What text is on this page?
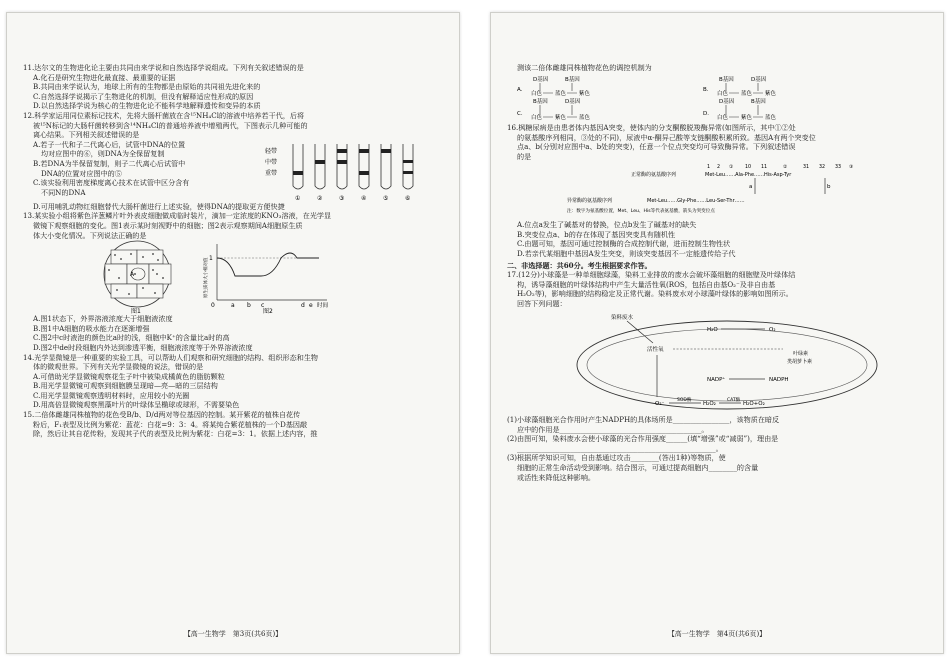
11.达尔文的生物进化论主要由共同由来学说和自然选择学说组成。下列有关叙述错误的是

A.化石是研究生物进化最直接、最重要的证据

B.共同由来学说认为，地球上所有的生物都是由原始的共同祖先进化来的

C.自然选择学说揭示了生物进化的机制，但没有解释适应性形成的原因

D.以自然选择学说为核心的生物进化论不能科学地解释遗传和变异的本质

12.科学家运用同位素标记技术，先将大肠杆菌放在含¹⁵NH₄Cl的溶液中培养若干代，后将

被¹⁵N标记的大肠杆菌转移到含¹⁴NH₄Cl的普通培养液中增殖两代，下图表示几种可能的

离心结果。下列相关叙述错误的是

A.若子一代和子二代离心后，试管中DNA的位置

均对应图中的⑥，则DNA为全保留复制

B.若DNA为半保留复制，则子二代离心后试管中

DNA的位置对应图中的⑤

C.该实验利用密度梯度离心技术在试管中区分含有

不同N的DNA

轻带
中带
重带
①	②	③	④	⑤	⑥

D.可用哺乳动物红细胞替代大肠杆菌进行上述实验，使得DNA的提取更方便快捷

13.某实验小组将紫色洋葱鳞片叶外表皮细胞做成临时装片，滴加一定浓度的KNO₃溶液，在光学显

微镜下观察细胞的变化。图1表示某时刻视野中的细胞；图2表示观察期间A细胞原生质

体大小变化情况。下列说法正确的是

A
图1
1
0	a b c	d e 时间
原生质体大小相对值
图2

A.图1状态下，外界溶液浓度大于细胞液浓度

B.图1中A细胞的吸水能力在逐渐增强

C.图2中c时液泡的颜色比a时的浅，细胞中K⁺的含量比a时的高

D.图2中de时段细胞内外达到渗透平衡，细胞液浓度等于外界溶液浓度

14.光学显微镜是一种重要的实验工具，可以帮助人们观察和研究细胞的结构、组织形态和生物

体的微观世界。下列有关光学显微镜的说法，错误的是

A.可借助光学显微镜观察花生子叶中被染成橘黄色的脂肪颗粒

B.用光学显微镜可观察到细胞膜呈现暗—亮—暗的三层结构

C.用光学显微镜观察透明材料时，应用较小的光圈

D.用高倍显微镜观察黑藻叶片的叶绿体呈椭球或球形，不需要染色

15.二倍体雌雄同株植物的花色受B/b、D/d两对等位基因的控制。某开紫花的植株自花传

粉后，F₁表型及比例为紫花：蓝花：白花=9：3：4。将某纯合紫花植株的一个D基因敲

除，然后让其自花传粉，发现其子代的表型及比例为紫花：白花=3：1。依据上述内容，推

【高一生物学　第3页(共6页)】

测该二倍体雌雄同株植物花色的调控机制为

A.
D基因	B基因
白色 蓝色 紫色
B.
B基因	D基因
白色 蓝色 紫色
C.
B基因	D基因
白色 紫色 蓝色
D.
D基因	B基因
白色 紫色 蓝色

16.枫糖尿病是由患者体内基因A突变，使体内的分支酮酸脱羧酶异常(如图所示，其中①②处

的氨基酸序列相同，③处的不同)，尿液中α-酮异己酸等支链酮酸积累所致。基因A有两个突变位

点a、b(分别对应图中a、b处的突变)，任意一个位点突变均可导致酶异常。下列叙述错误

的是

1 2	10 11	31 32 33
①	②	③
正常酶的氨基酸序列	Met-Leu……Ala-Phe……His-Asp-Tyr
a	b
异常酶的氨基酸序列	Met-Leu……Gly-Phe……Leu-Ser-Thr……
注：数字为氨基酸位置，Met、Leu、His等代表氨基酸，箭头为突变位点

A.位点a发生了碱基对的替换，位点b发生了碱基对的缺失

B.突变位点a、b的存在体现了基因突变具有随机性

C.由题可知，基因可通过控制酶的合成控制代谢，进而控制生物性状

D.若亲代某细胞中基因A发生突变，则该突变基因不一定能遗传给子代

二、非选择题：共60分。考生根据要求作答。

17.(12分)小球藻是一种单细胞绿藻，染料工业排放的废水会破坏藻细胞的细胞壁及叶绿体结

构，诱导藻细胞的叶绿体结构中产生大量活性氧(ROS，包括自由基O₂⁻及非自由基

H₂O₂等)，影响细胞的结构稳定及正常代谢。染料废水对小球藻叶绿体的影响如图所示。

回答下列问题：

染料废水
活性氧
H₂O	O₂
叶绿素
类胡萝卜素
NADP⁺	NADPH
O₂⁻
SOD酶
H₂O₂
CAT酶
H₂O+O₂

(1)小球藻细胞光合作用时产生NADPH的具体场所是________________，该物质在暗反

应中的作用是________________________________________。

(2)由图可知，染料废水会使小球藻的光合作用强度______(填“增强”或“减弱”)，理由是

________________________________________________________。

(3)根据所学知识可知，自由基通过攻击________(答出1种)等物质，使

细胞的正常生命活动受到影响。结合图示，可通过提高细胞内________的含量

或活性来降低这种影响。

【高一生物学　第4页(共6页)】
